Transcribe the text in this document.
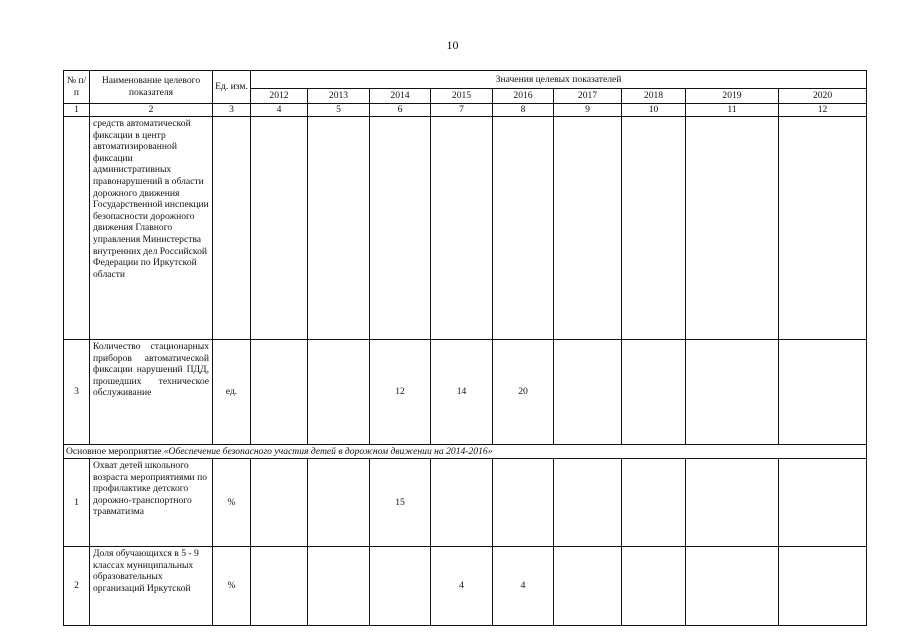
10
№ п/п	Наименование целевого показателя	Ед. изм.	Значения целевых показателей								
			2012	2013	2014	2015	2016	2017	2018	2019	2020
1	2	3	4	5	6	7	8	9	10	11	12
	средств автоматической фиксации в центр автоматизированной фиксации административных правонарушений в области дорожного движения Государственной инспекции безопасности дорожного движения Главного управления Министерства внутренних дел Российской Федерации по Иркутской области										
3	Количество стационарных приборов автоматической фиксации нарушений ПДД, прошедших техническое обслуживание	ед.			12	14	20				
Основное мероприятие «Обеспечение безопасного участия детей в дорожном движении на 2014-2016»											
1	Охват детей школьного возраста мероприятиями по профилактике детского дорожно-транспортного травматизма	%			15						
2	Доля обучающихся в 5 - 9 классах муниципальных образовательных организаций Иркутской	%				4	4				
